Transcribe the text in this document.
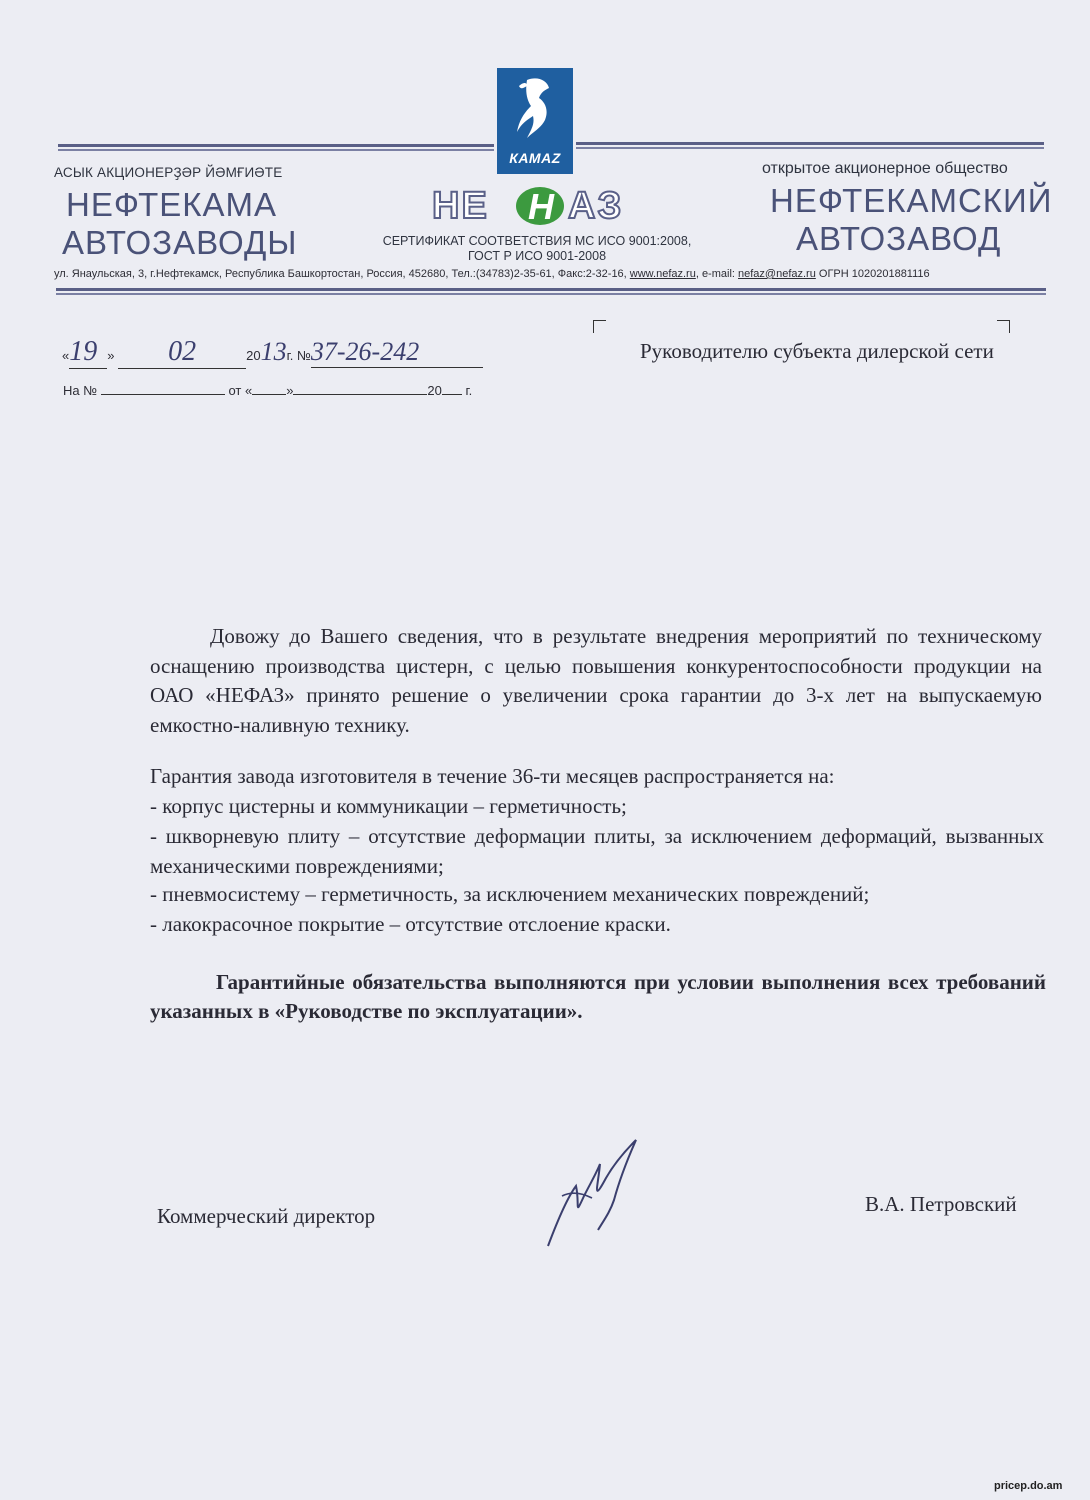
АСЫК АКЦИОНЕРҘӘР ЙӘМҒИӘТЕ
НЕФТЕКАМА
АВТОЗАВОДЫ
КАМАZ
НЕ Н АЗ
СЕРТИФИКАТ СООТВЕТСТВИЯ МС ИСО 9001:2008,
ГОСТ Р ИСО 9001-2008
открытое акционерное общество
НЕФТЕКАМСКИЙ
АВТОЗАВОД
ул. Янаульская, 3, г.Нефтекамск, Республика Башкортостан, Россия, 452680, Тел.:(34783)2-35-61, Факс:2-32-16, www.nefaz.ru, e-mail: nefaz@nefaz.ru ОГРН 1020201881116
«19 » 02	2013г. №37-26-242
На №	от «	»	20 г.
Руководителю субъекта дилерской сети
Довожу до Вашего сведения, что в результате внедрения мероприятий по техническому оснащению производства цистерн, с целью повышения конкурентоспособности продукции на ОАО «НЕФАЗ» принято решение о увеличении срока гарантии до 3-х лет на выпускаемую емкостно-наливную технику.
Гарантия завода изготовителя в течение 36-ти месяцев распространяется на:
- корпус цистерны и коммуникации – герметичность;
- шкворневую плиту – отсутствие деформации плиты, за исключением деформаций, вызванных механическими повреждениями;
- пневмосистему – герметичность, за исключением механических повреждений;
- лакокрасочное покрытие – отсутствие отслоение краски.
Гарантийные обязательства выполняются при условии выполнения всех требований указанных в «Руководстве по эксплуатации».
Коммерческий директор	В.А. Петровский
pricep.do.am
